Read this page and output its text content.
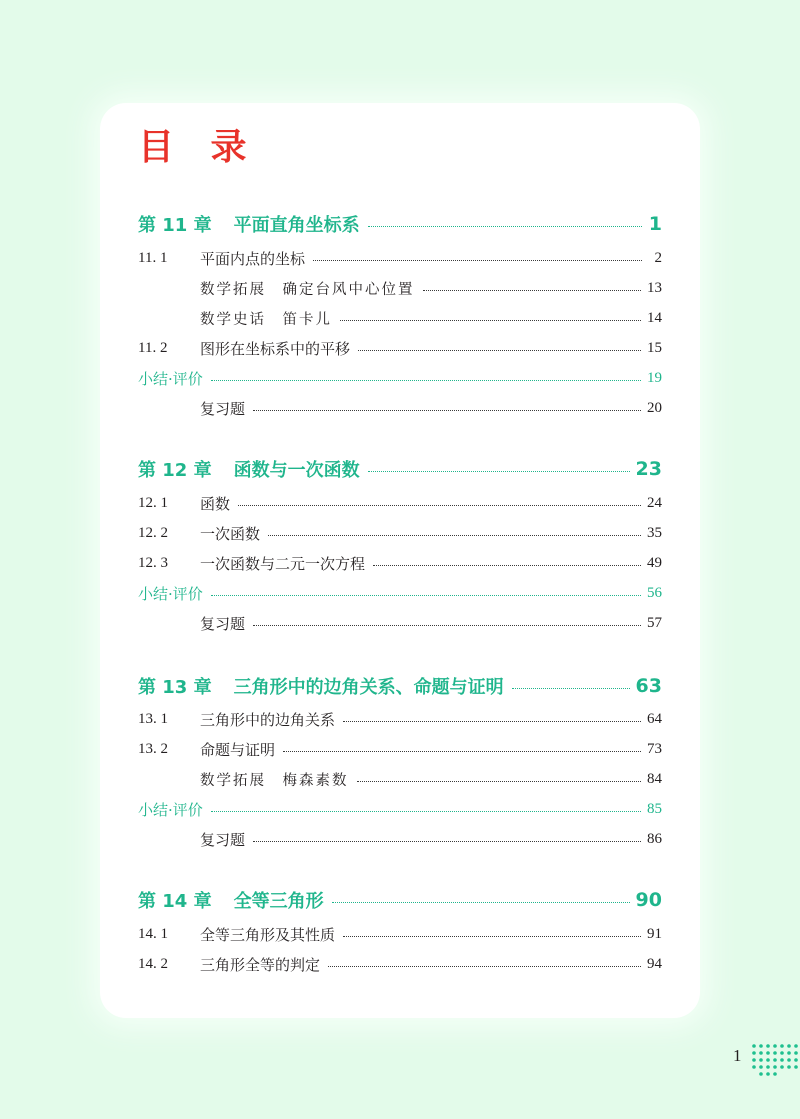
目 录
第 11 章 平面直角坐标系	1
11. 1	平面内点的坐标	2
数学拓展　确定台风中心位置	13
数学史话　笛卡儿	14
11. 2	图形在坐标系中的平移	15
小结·评价	19
复习题	20
第 12 章 函数与一次函数	23
12. 1	函数	24
12. 2	一次函数	35
12. 3	一次函数与二元一次方程	49
小结·评价	56
复习题	57
第 13 章 三角形中的边角关系、命题与证明	63
13. 1	三角形中的边角关系	64
13. 2	命题与证明	73
数学拓展　梅森素数	84
小结·评价	85
复习题	86
第 14 章 全等三角形	90
14. 1	全等三角形及其性质	91
14. 2	三角形全等的判定	94
1
